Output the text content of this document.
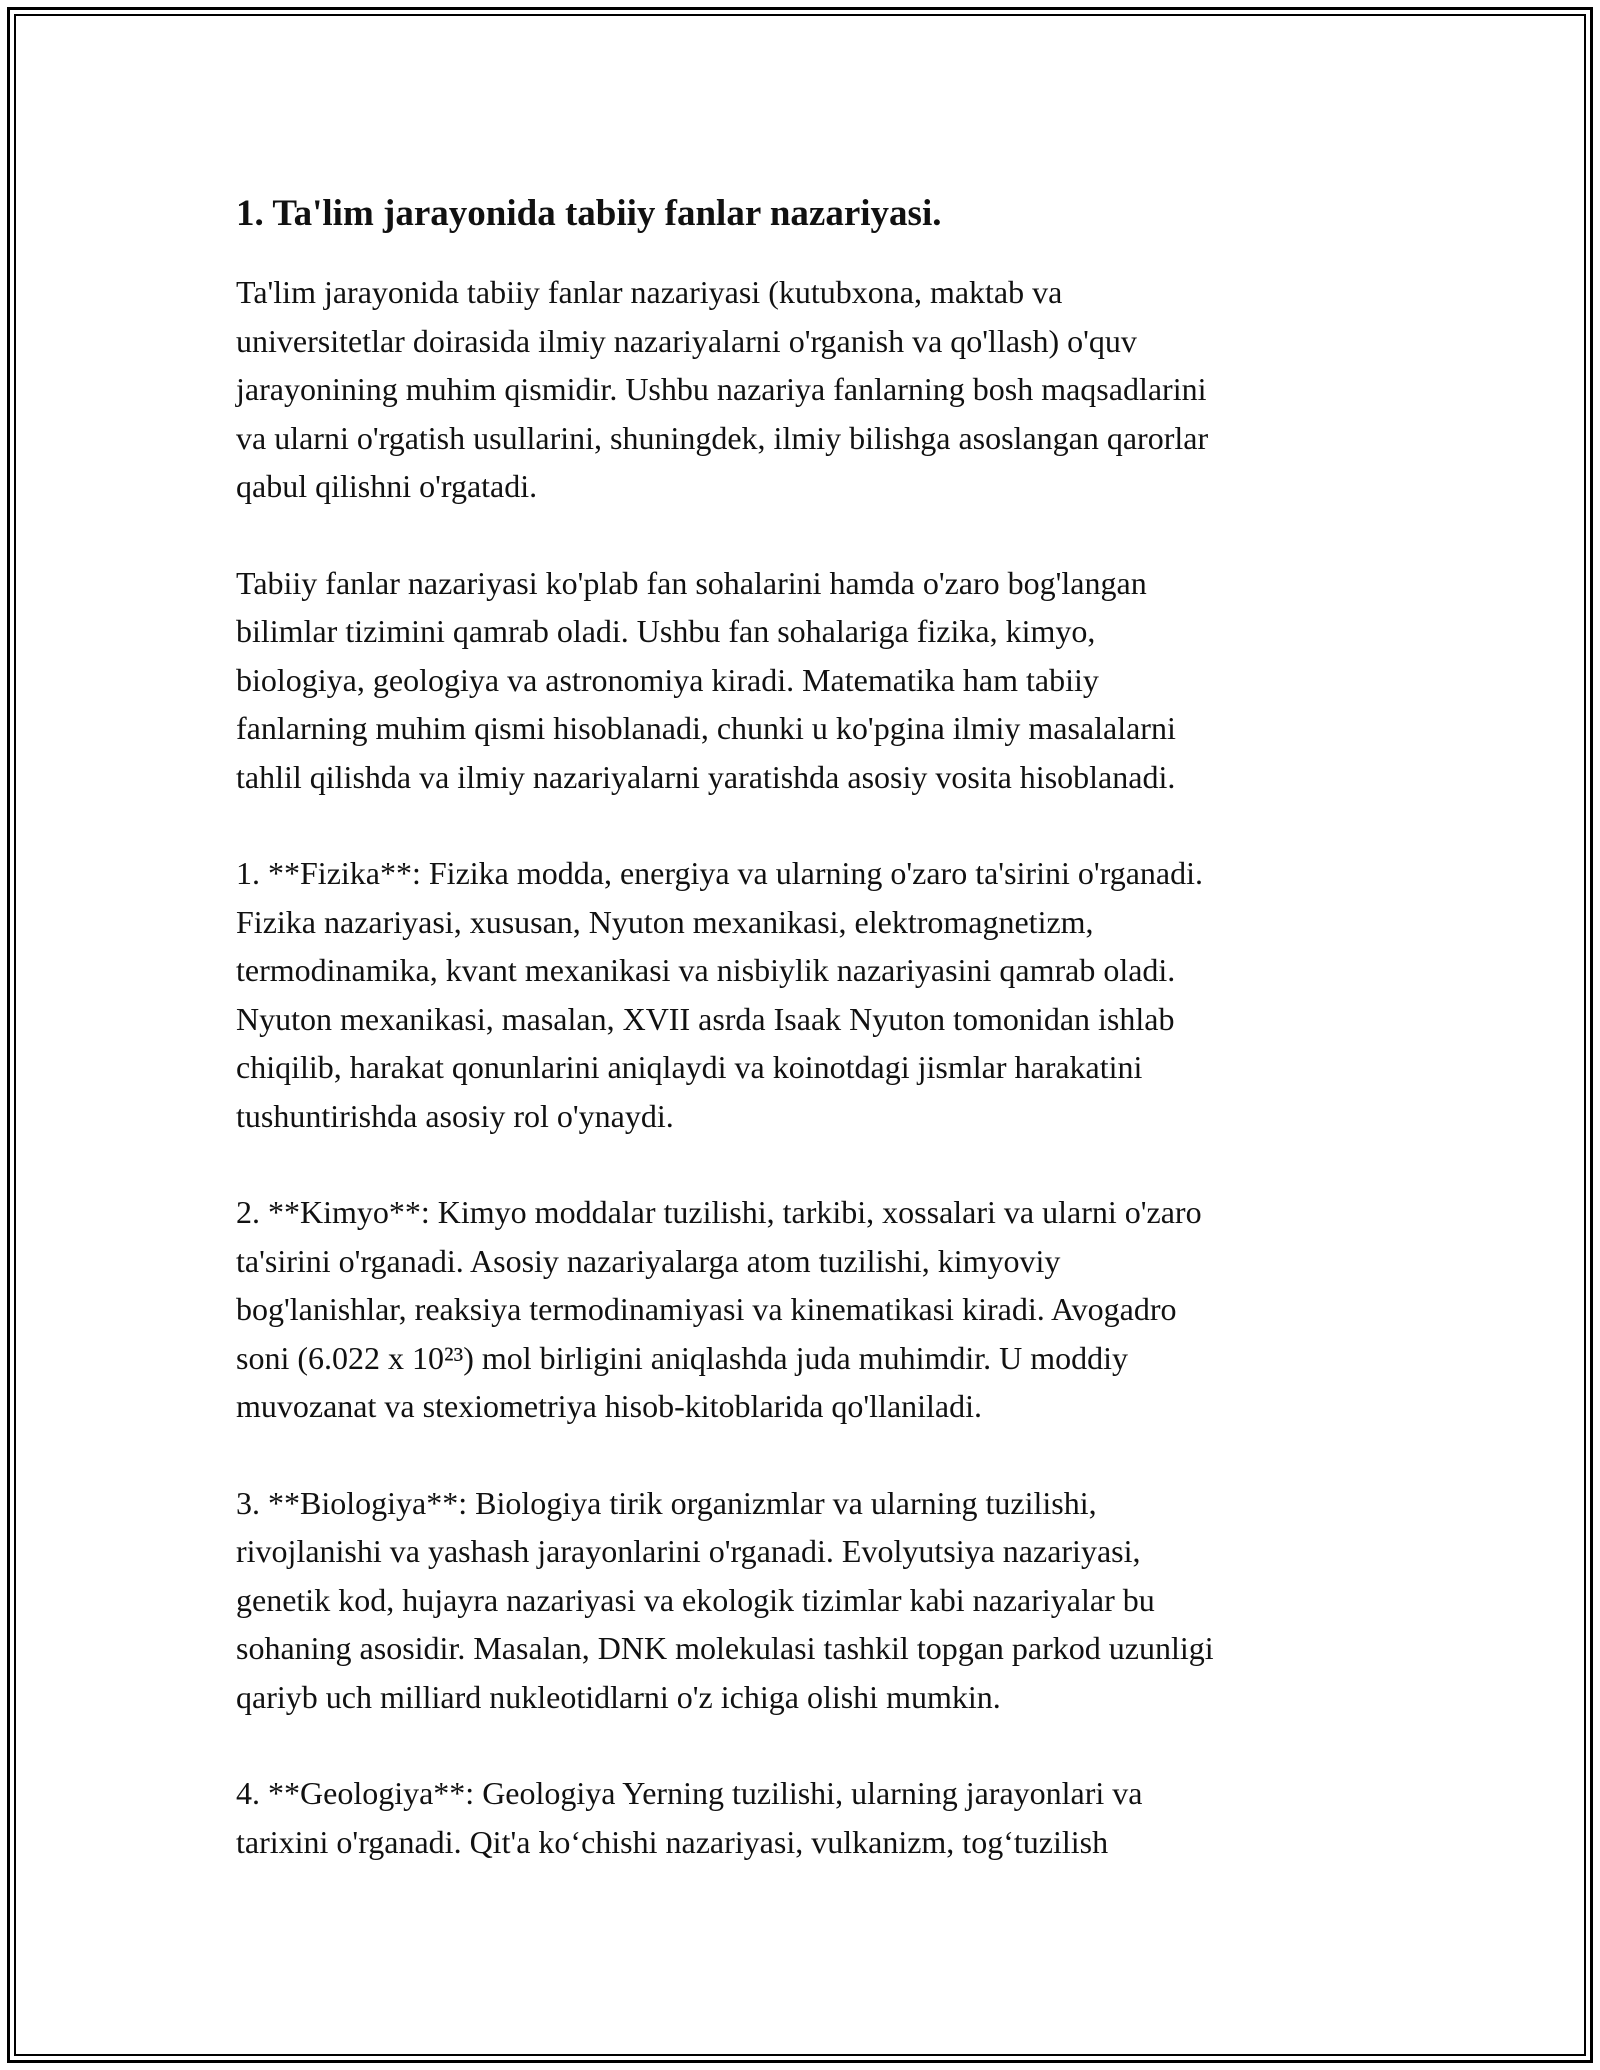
1. Ta'lim jarayonida tabiiy fanlar nazariyasi.

Ta'lim jarayonida tabiiy fanlar nazariyasi (kutubxona, maktab va
universitetlar doirasida ilmiy nazariyalarni o'rganish va qo'llash) o'quv
jarayonining muhim qismidir. Ushbu nazariya fanlarning bosh maqsadlarini
va ularni o'rgatish usullarini, shuningdek, ilmiy bilishga asoslangan qarorlar
qabul qilishni o'rgatadi.

Tabiiy fanlar nazariyasi ko'plab fan sohalarini hamda o'zaro bog'langan
bilimlar tizimini qamrab oladi. Ushbu fan sohalariga fizika, kimyo,
biologiya, geologiya va astronomiya kiradi. Matematika ham tabiiy
fanlarning muhim qismi hisoblanadi, chunki u ko'pgina ilmiy masalalarni
tahlil qilishda va ilmiy nazariyalarni yaratishda asosiy vosita hisoblanadi.

1. **Fizika**: Fizika modda, energiya va ularning o'zaro ta'sirini o'rganadi.
Fizika nazariyasi, xususan, Nyuton mexanikasi, elektromagnetizm,
termodinamika, kvant mexanikasi va nisbiylik nazariyasini qamrab oladi.
Nyuton mexanikasi, masalan, XVII asrda Isaak Nyuton tomonidan ishlab
chiqilib, harakat qonunlarini aniqlaydi va koinotdagi jismlar harakatini
tushuntirishda asosiy rol o'ynaydi.

2. **Kimyo**: Kimyo moddalar tuzilishi, tarkibi, xossalari va ularni o'zaro
ta'sirini o'rganadi. Asosiy nazariyalarga atom tuzilishi, kimyoviy
bog'lanishlar, reaksiya termodinamiyasi va kinematikasi kiradi. Avogadro
soni (6.022 x 10²³) mol birligini aniqlashda juda muhimdir. U moddiy
muvozanat va stexiometriya hisob-kitoblarida qo'llaniladi.

3. **Biologiya**: Biologiya tirik organizmlar va ularning tuzilishi,
rivojlanishi va yashash jarayonlarini o'rganadi. Evolyutsiya nazariyasi,
genetik kod, hujayra nazariyasi va ekologik tizimlar kabi nazariyalar bu
sohaning asosidir. Masalan, DNK molekulasi tashkil topgan parkod uzunligi
qariyb uch milliard nukleotidlarni o'z ichiga olishi mumkin.

4. **Geologiya**: Geologiya Yerning tuzilishi, ularning jarayonlari va
tarixini o'rganadi. Qit'a ko‘chishi nazariyasi, vulkanizm, tog‘tuzilish
